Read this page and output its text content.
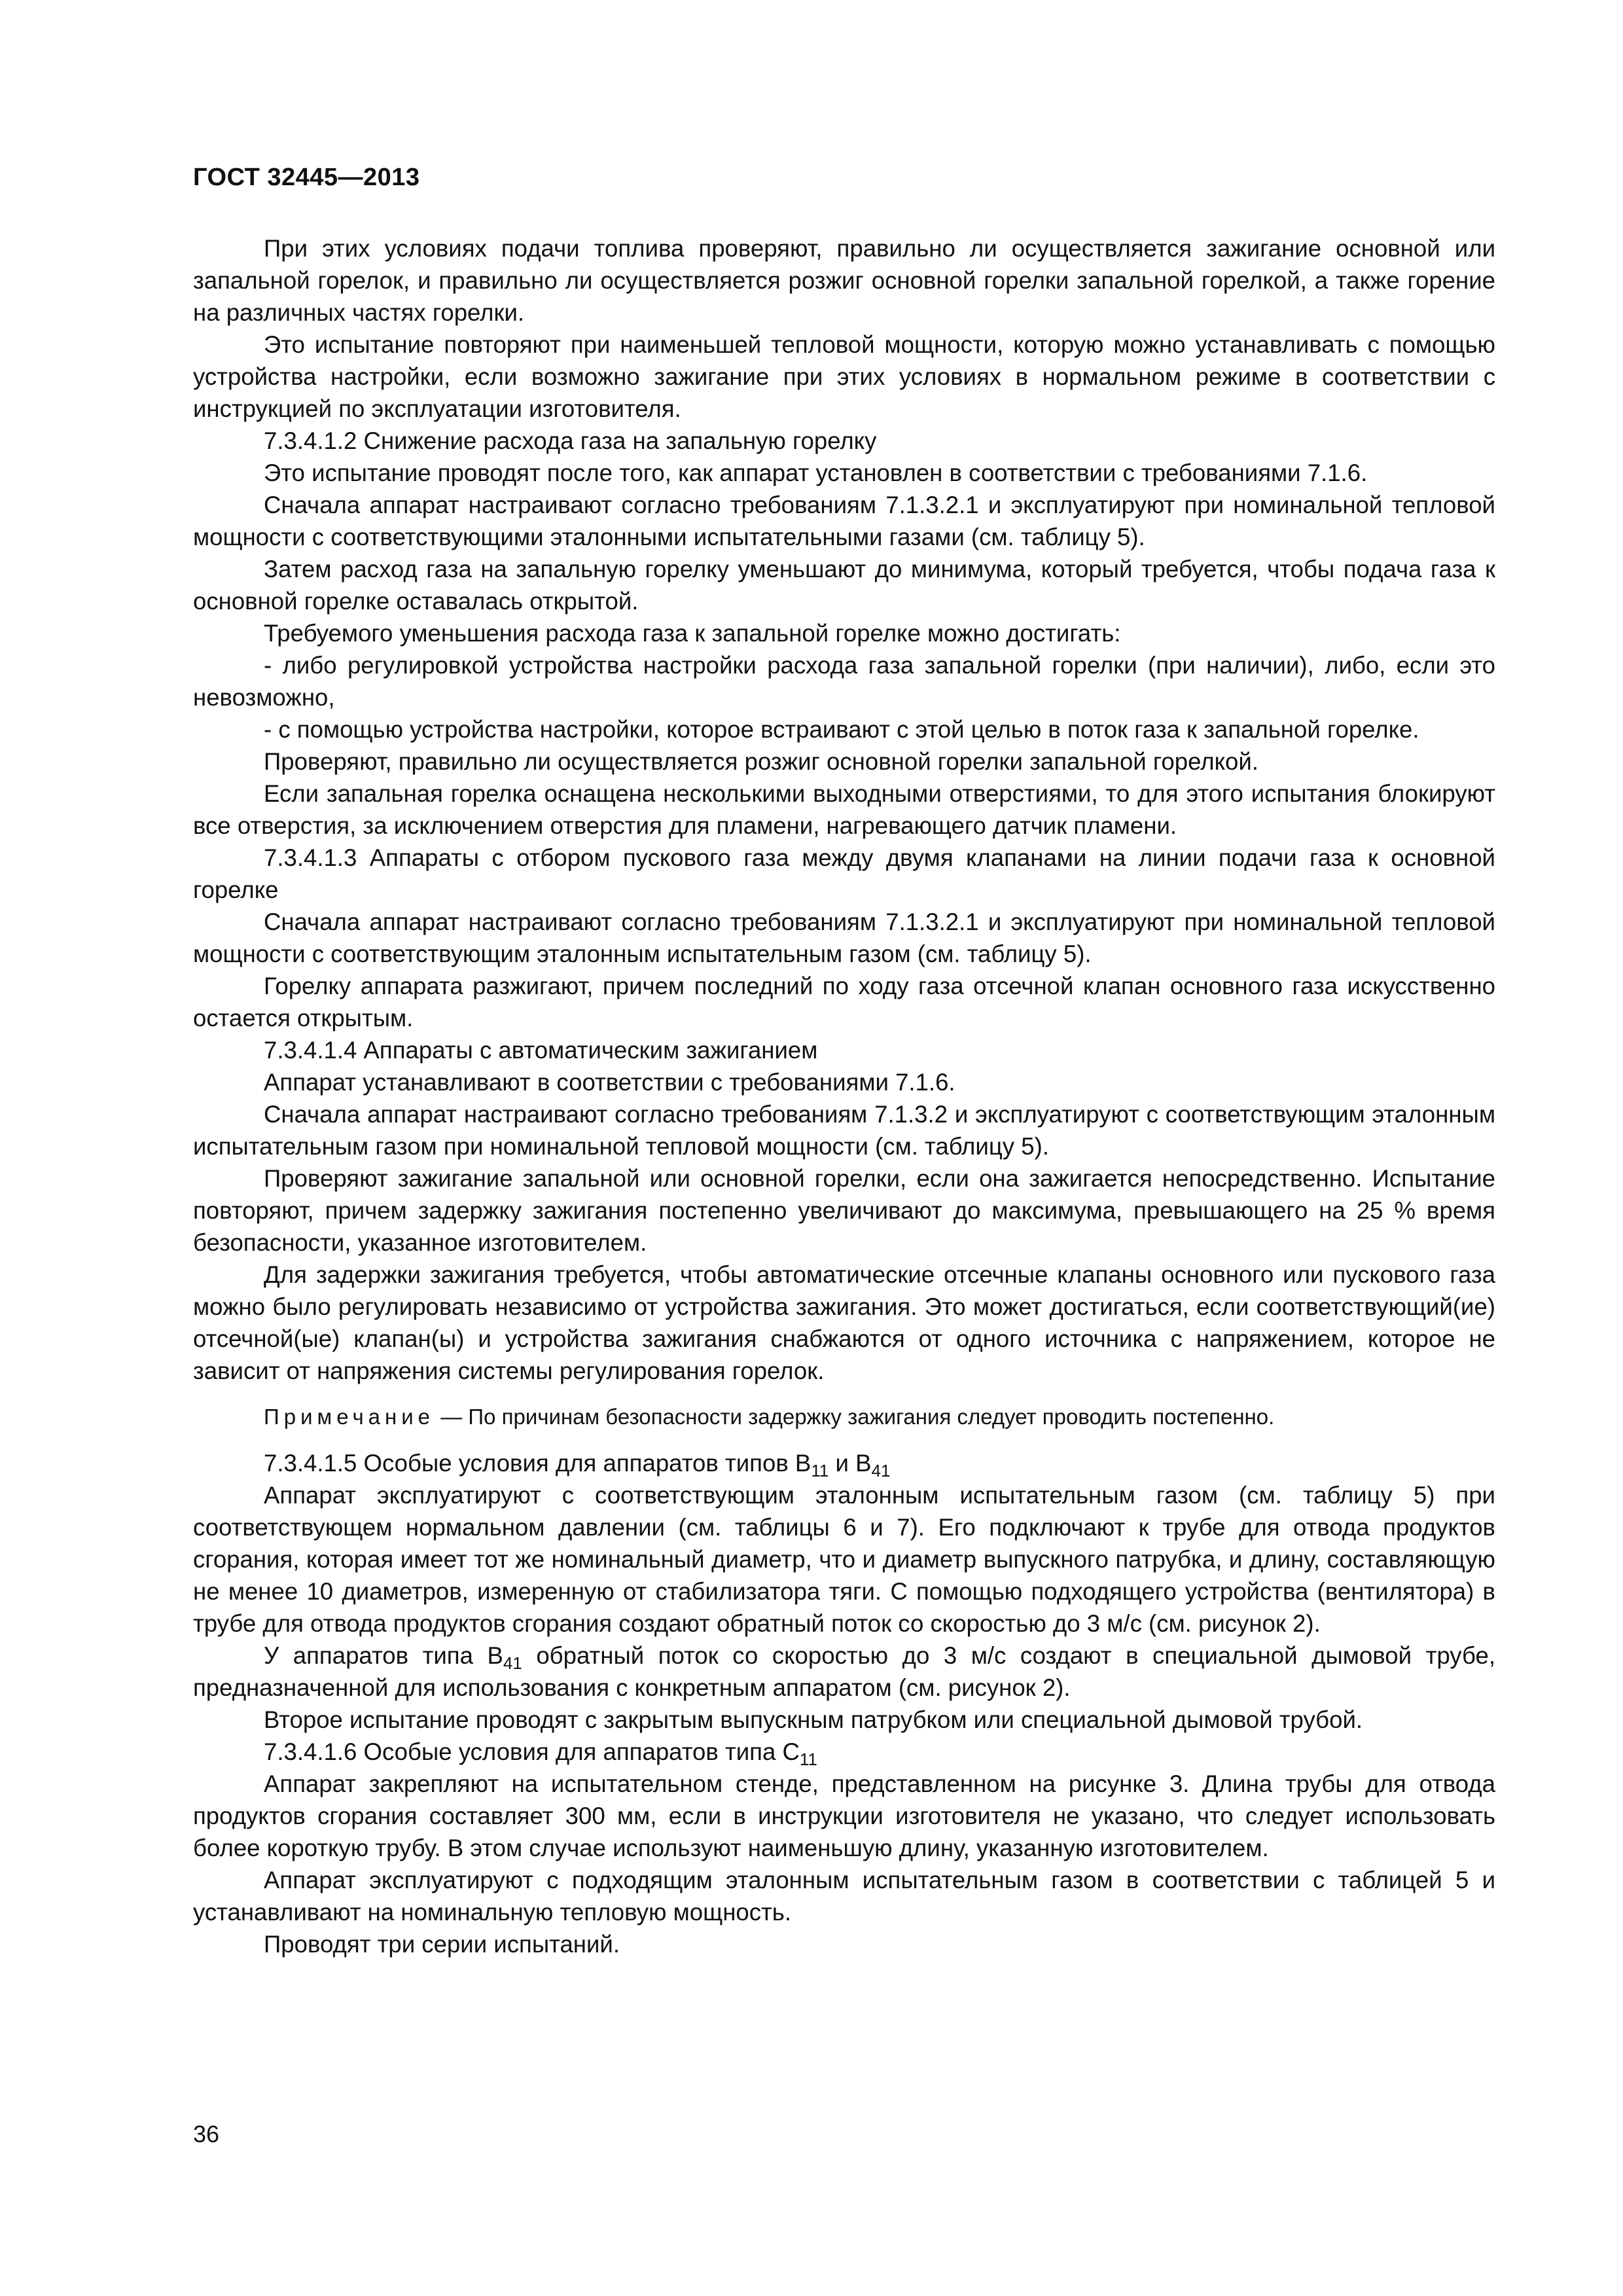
ГОСТ 32445—2013

При этих условиях подачи топлива проверяют, правильно ли осуществляется зажигание основной или запальной горелок, и правильно ли осуществляется розжиг основной горелки запальной горелкой, а также горение на различных частях горелки.

Это испытание повторяют при наименьшей тепловой мощности, которую можно устанавливать с помощью устройства настройки, если возможно зажигание при этих условиях в нормальном режиме в соответствии с инструкцией по эксплуатации изготовителя.

7.3.4.1.2 Снижение расхода газа на запальную горелку

Это испытание проводят после того, как аппарат установлен в соответствии с требованиями 7.1.6.

Сначала аппарат настраивают согласно требованиям 7.1.3.2.1 и эксплуатируют при номинальной тепловой мощности с соответствующими эталонными испытательными газами (см. таблицу 5).

Затем расход газа на запальную горелку уменьшают до минимума, который требуется, чтобы подача газа к основной горелке оставалась открытой.

Требуемого уменьшения расхода газа к запальной горелке можно достигать:

- либо регулировкой устройства настройки расхода газа запальной горелки (при наличии), либо, если это невозможно,

- с помощью устройства настройки, которое встраивают с этой целью в поток газа к запальной горелке.

Проверяют, правильно ли осуществляется розжиг основной горелки запальной горелкой.

Если запальная горелка оснащена несколькими выходными отверстиями, то для этого испытания блокируют все отверстия, за исключением отверстия для пламени, нагревающего датчик пламени.

7.3.4.1.3 Аппараты с отбором пускового газа между двумя клапанами на линии подачи газа к основной горелке

Сначала аппарат настраивают согласно требованиям 7.1.3.2.1 и эксплуатируют при номинальной тепловой мощности с соответствующим эталонным испытательным газом (см. таблицу 5).

Горелку аппарата разжигают, причем последний по ходу газа отсечной клапан основного газа искусственно остается открытым.

7.3.4.1.4 Аппараты с автоматическим зажиганием

Аппарат устанавливают в соответствии с требованиями 7.1.6.

Сначала аппарат настраивают согласно требованиям 7.1.3.2 и эксплуатируют с соответствующим эталонным испытательным газом при номинальной тепловой мощности (см. таблицу 5).

Проверяют зажигание запальной или основной горелки, если она зажигается непосредственно. Испытание повторяют, причем задержку зажигания постепенно увеличивают до максимума, превышающего на 25 % время безопасности, указанное изготовителем.

Для задержки зажигания требуется, чтобы автоматические отсечные клапаны основного или пускового газа можно было регулировать независимо от устройства зажигания. Это может достигаться, если соответствующий(ие) отсечной(ые) клапан(ы) и устройства зажигания снабжаются от одного источника с напряжением, которое не зависит от напряжения системы регулирования горелок.

Примечание — По причинам безопасности задержку зажигания следует проводить постепенно.

7.3.4.1.5 Особые условия для аппаратов типов $B_{11}$ и $B_{41}$

Аппарат эксплуатируют с соответствующим эталонным испытательным газом (см. таблицу 5) при соответствующем нормальном давлении (см. таблицы 6 и 7). Его подключают к трубе для отвода продуктов сгорания, которая имеет тот же номинальный диаметр, что и диаметр выпускного патрубка, и длину, составляющую не менее 10 диаметров, измеренную от стабилизатора тяги. С помощью подходящего устройства (вентилятора) в трубе для отвода продуктов сгорания создают обратный поток со скоростью до 3 м/с (см. рисунок 2).

У аппаратов типа $B_{41}$ обратный поток со скоростью до 3 м/с создают в специальной дымовой трубе, предназначенной для использования с конкретным аппаратом (см. рисунок 2).

Второе испытание проводят с закрытым выпускным патрубком или специальной дымовой трубой.

7.3.4.1.6 Особые условия для аппаратов типа $C_{11}$

Аппарат закрепляют на испытательном стенде, представленном на рисунке 3. Длина трубы для отвода продуктов сгорания составляет 300 мм, если в инструкции изготовителя не указано, что следует использовать более короткую трубу. В этом случае используют наименьшую длину, указанную изготовителем.

Аппарат эксплуатируют с подходящим эталонным испытательным газом в соответствии с таблицей 5 и устанавливают на номинальную тепловую мощность.

Проводят три серии испытаний.

36
